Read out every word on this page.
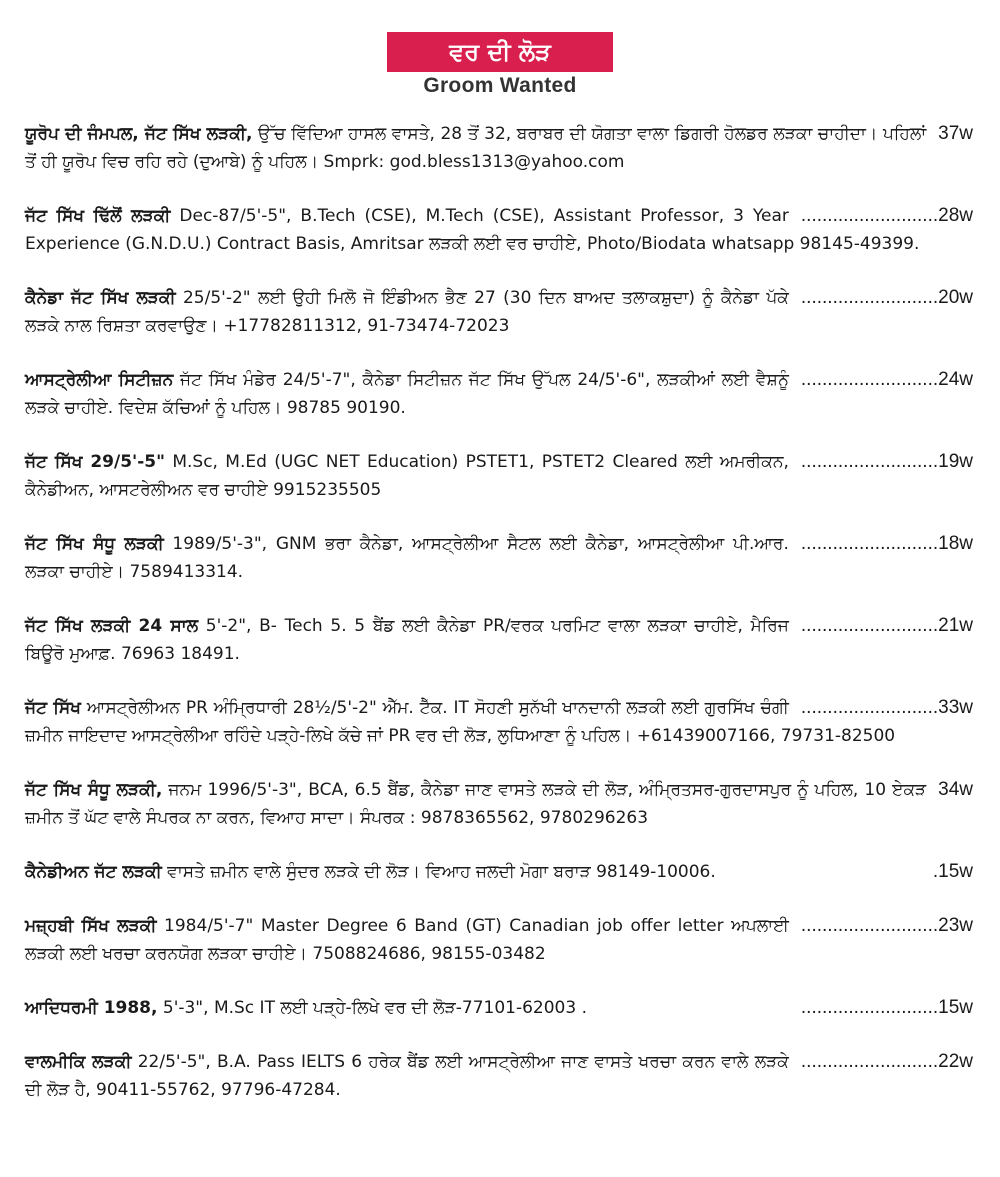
ਵਰ ਦੀ ਲੋੜ
Groom Wanted
37w
ਯੂਰੋਪ ਦੀ ਜੰਮਪਲ, ਜੱਟ ਸਿੱਖ ਲੜਕੀ, ਉੱਚ ਵਿੱਦਿਆ ਹਾਸਲ ਵਾਸਤੇ, 28 ਤੋਂ 32, ਬਰਾਬਰ ਦੀ ਯੋਗਤਾ ਵਾਲਾ ਡਿਗਰੀ ਹੋਲਡਰ ਲੜਕਾ ਚਾਹੀਦਾ। ਪਹਿਲਾਂ ਤੋਂ ਹੀ ਯੂਰੋਪ ਵਿਚ ਰਹਿ ਰਹੇ (ਦੁਆਬੇ) ਨੂੰ ਪਹਿਲ। Smprk: god.bless1313@yahoo.com
..........................28w
ਜੱਟ ਸਿੱਖ ਢਿੱਲੋਂ ਲੜਕੀ Dec-87/5'-5", B.Tech (CSE), M.Tech (CSE), Assistant Professor, 3 Year Experience (G.N.D.U.) Contract Basis, Amritsar ਲੜਕੀ ਲਈ ਵਰ ਚਾਹੀਏ, Photo/Biodata whatsapp 98145-49399.
..........................20w
ਕੈਨੇਡਾ ਜੱਟ ਸਿੱਖ ਲੜਕੀ 25/5'-2" ਲਈ ਉਹੀ ਮਿਲੋ ਜੋ ਇੰਡੀਅਨ ਭੈਣ 27 (30 ਦਿਨ ਬਾਅਦ ਤਲਾਕਸ਼ੁਦਾ) ਨੂੰ ਕੈਨੇਡਾ ਪੱਕੇ ਲੜਕੇ ਨਾਲ ਰਿਸ਼ਤਾ ਕਰਵਾਉਣ। +17782811312, 91-73474-72023
..........................24w
ਆਸਟ੍ਰੇਲੀਆ ਸਿਟੀਜ਼ਨ ਜੱਟ ਸਿੱਖ ਮੰਡੇਰ 24/5'-7", ਕੈਨੇਡਾ ਸਿਟੀਜ਼ਨ ਜੱਟ ਸਿੱਖ ਉੱਪਲ 24/5'-6", ਲੜਕੀਆਂ ਲਈ ਵੈਸ਼ਨੂੰ ਲੜਕੇ ਚਾਹੀਏ. ਵਿਦੇਸ਼ ਕੱਚਿਆਂ ਨੂੰ ਪਹਿਲ। 98785 90190.
..........................19w
ਜੱਟ ਸਿੱਖ 29/5'-5" M.Sc, M.Ed (UGC NET Education) PSTET1, PSTET2 Cleared ਲਈ ਅਮਰੀਕਨ, ਕੈਨੇਡੀਅਨ, ਆਸਟਰੇਲੀਅਨ ਵਰ ਚਾਹੀਏ 9915235505
..........................18w
ਜੱਟ ਸਿੱਖ ਸੰਧੂ ਲੜਕੀ 1989/5'-3", GNM ਭਰਾ ਕੈਨੇਡਾ, ਆਸਟ੍ਰੇਲੀਆ ਸੈਟਲ ਲਈ ਕੈਨੇਡਾ, ਆਸਟ੍ਰੇਲੀਆ ਪੀ.ਆਰ. ਲੜਕਾ ਚਾਹੀਏ। 7589413314.
..........................21w
ਜੱਟ ਸਿੱਖ ਲੜਕੀ 24 ਸਾਲ 5'-2", B- Tech 5. 5 ਬੈਂਡ ਲਈ ਕੈਨੇਡਾ PR/ਵਰਕ ਪਰਮਿਟ ਵਾਲਾ ਲੜਕਾ ਚਾਹੀਏ, ਮੈਰਿਜ ਬਿਊਰੋ ਮੁਆਫ਼. 76963 18491.
..........................33w
ਜੱਟ ਸਿੱਖ ਆਸਟ੍ਰੇਲੀਅਨ PR ਅੰਮ੍ਰਿਧਾਰੀ 28½/5'-2" ਐੱਮ. ਟੈੱਕ. IT ਸੋਹਣੀ ਸੁਨੱਖੀ ਖਾਨਦਾਨੀ ਲੜਕੀ ਲਈ ਗੁਰਸਿੱਖ ਚੰਗੀ ਜ਼ਮੀਨ ਜਾਇਦਾਦ ਆਸਟ੍ਰੇਲੀਆ ਰਹਿੰਦੇ ਪੜ੍ਹੇ-ਲਿਖੇ ਕੱਚੇ ਜਾਂ PR ਵਰ ਦੀ ਲੋੜ, ਲੁਧਿਆਣਾ ਨੂੰ ਪਹਿਲ। +61439007166, 79731-82500
34w
ਜੱਟ ਸਿੱਖ ਸੰਧੂ ਲੜਕੀ, ਜਨਮ 1996/5'-3", BCA, 6.5 ਬੈਂਡ, ਕੈਨੇਡਾ ਜਾਣ ਵਾਸਤੇ ਲੜਕੇ ਦੀ ਲੋੜ, ਅੰਮ੍ਰਿਤਸਰ-ਗੁਰਦਾਸਪੁਰ ਨੂੰ ਪਹਿਲ, 10 ਏਕੜ ਜ਼ਮੀਨ ਤੋਂ ਘੱਟ ਵਾਲੇ ਸੰਪਰਕ ਨਾ ਕਰਨ, ਵਿਆਹ ਸਾਦਾ। ਸੰਪਰਕ : 9878365562, 9780296263
.15w
ਕੈਨੇਡੀਅਨ ਜੱਟ ਲੜਕੀ ਵਾਸਤੇ ਜ਼ਮੀਨ ਵਾਲੇ ਸੁੰਦਰ ਲੜਕੇ ਦੀ ਲੋੜ। ਵਿਆਹ ਜਲਦੀ ਮੋਗਾ ਬਰਾੜ 98149-10006.
..........................23w
ਮਜ਼੍ਹਬੀ ਸਿੱਖ ਲੜਕੀ 1984/5'-7" Master Degree 6 Band (GT) Canadian job offer letter ਅਪਲਾਈ ਲੜਕੀ ਲਈ ਖਰਚਾ ਕਰਨਯੋਗ ਲੜਕਾ ਚਾਹੀਏ। 7508824686, 98155-03482
..........................15w
ਆਦਿਧਰਮੀ 1988, 5'-3", M.Sc IT ਲਈ ਪੜ੍ਹੇ-ਲਿਖੇ ਵਰ ਦੀ ਲੋੜ-77101-62003 .
..........................22w
ਵਾਲਮੀਕਿ ਲੜਕੀ 22/5'-5", B.A. Pass IELTS 6 ਹਰੇਕ ਬੈਂਡ ਲਈ ਆਸਟ੍ਰੇਲੀਆ ਜਾਣ ਵਾਸਤੇ ਖਰਚਾ ਕਰਨ ਵਾਲੇ ਲੜਕੇ ਦੀ ਲੋੜ ਹੈ, 90411-55762, 97796-47284.
